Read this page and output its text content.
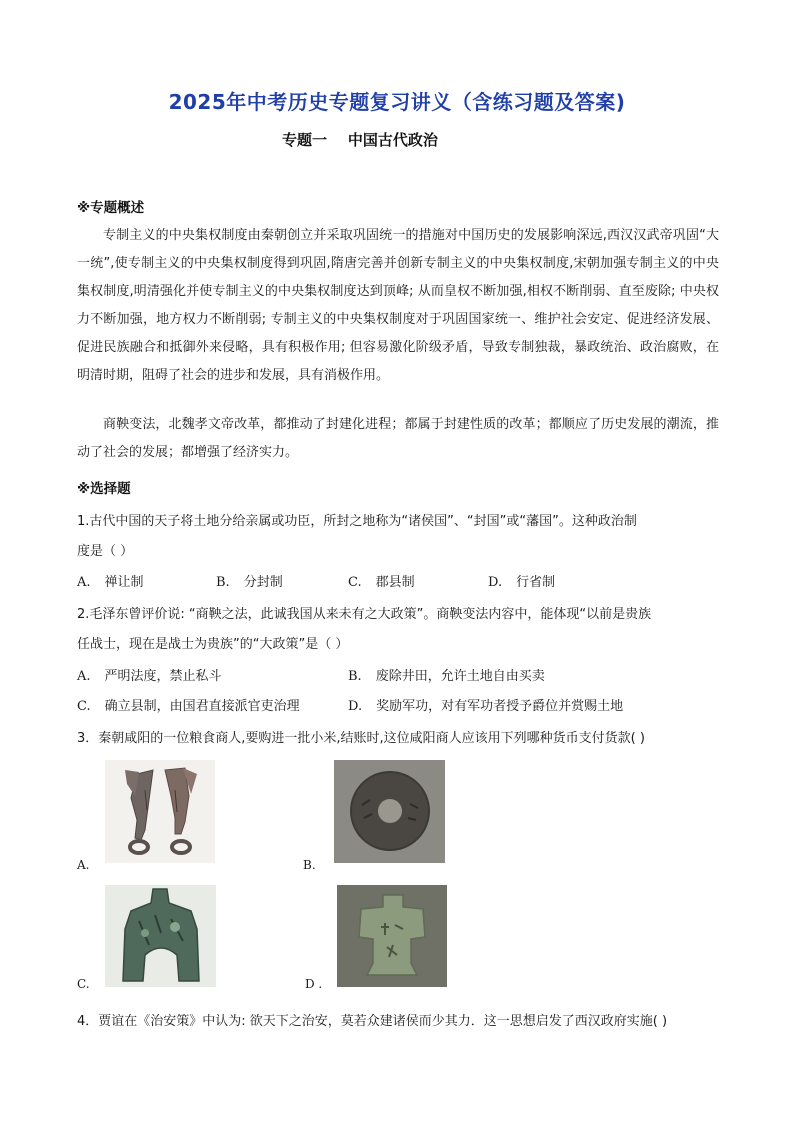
2025年中考历史专题复习讲义（含练习题及答案)
专题一    中国古代政治
※专题概述

专制主义的中央集权制度由秦朝创立并采取巩固统一的措施对中国历史的发展影响深远,西汉汉武帝巩固“大一统”,使专制主义的中央集权制度得到巩固,隋唐完善并创新专制主义的中央集权制度,宋朝加强专制主义的中央集权制度,明清强化并使专制主义的中央集权制度达到顶峰; 从而皇权不断加强,相权不断削弱、直至废除; 中央权力不断加强，地方权力不断削弱; 专制主义的中央集权制度对于巩固国家统一、维护社会安定、促进经济发展、促进民族融合和抵御外来侵略，具有积极作用; 但容易激化阶级矛盾，导致专制独裁，暴政统治、政治腐败，在明清时期，阻碍了社会的进步和发展，具有消极作用。

商鞅变法，北魏孝文帝改革，都推动了封建化进程；都属于封建性质的改革；都顺应了历史发展的潮流，推动了社会的发展；都增强了经济实力。

※选择题
1.古代中国的天子将土地分给亲属或功臣，所封之地称为“诸侯国”、“封国”或“藩国”。这种政治制
度是（ ）
A. 禅让制	B. 分封制	C. 郡县制	D. 行省制
2.毛泽东曾评价说: “商鞅之法，此诚我国从来未有之大政策”。商鞅变法内容中，能体现“以前是贵族
任战士，现在是战士为贵族”的“大政策”是（ ）
A. 严明法度，禁止私斗	B. 废除井田，允许土地自由买卖
C. 确立县制，由国君直接派官吏治理	D. 奖励军功，对有军功者授予爵位并赏赐土地
3．秦朝咸阳的一位粮食商人,要购进一批小米,结账时,这位咸阳商人应该用下列哪种货币支付货款( )
A.	B.
C.	D .
4．贾谊在《治安策》中认为: 欲天下之治安，莫若众建诸侯而少其力．这一思想启发了西汉政府实施( )
